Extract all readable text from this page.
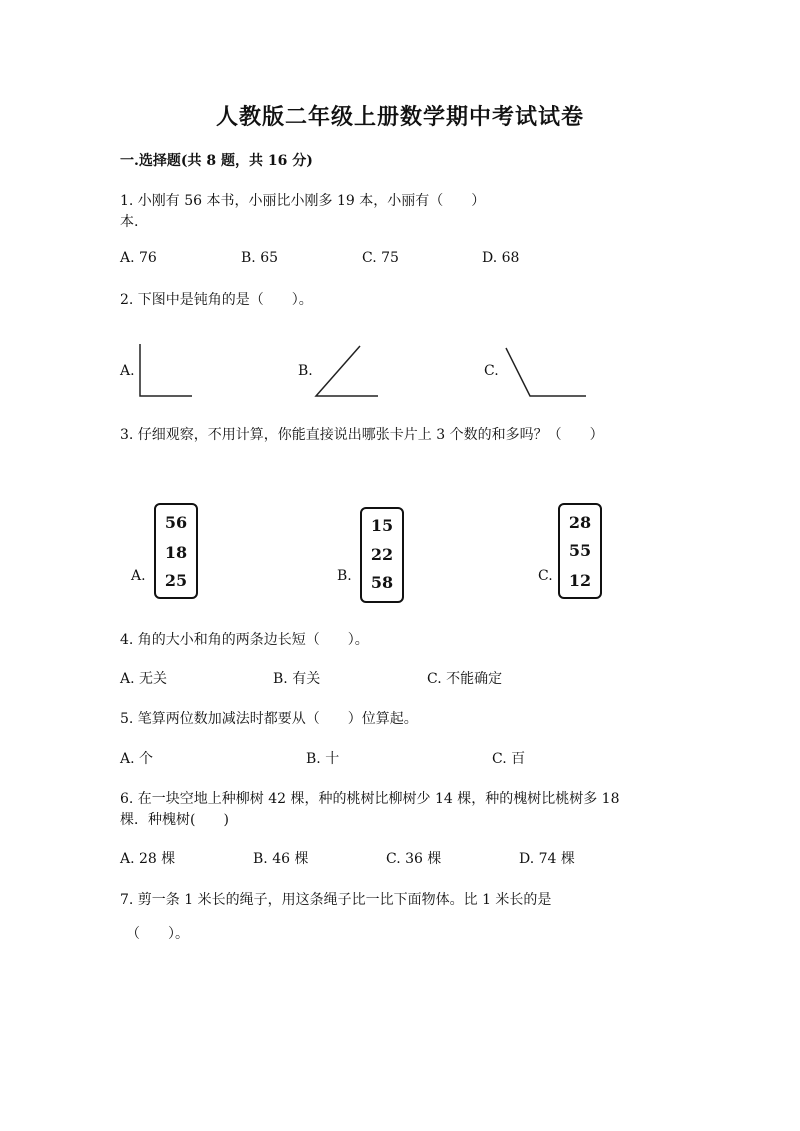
人教版二年级上册数学期中考试试卷
一.选择题(共 8 题，共 16 分)
1. 小刚有 56 本书，小丽比小刚多 19 本，小丽有（　　）
本.
A. 76	B. 65	C. 75	D. 68
2. 下图中是钝角的是（　　）。
A.	B.	C.
3. 仔细观察，不用计算，你能直接说出哪张卡片上 3 个数的和多吗？（　　）
A.
56
18
25	B.
15
22
58	C.
28
55
12
4. 角的大小和角的两条边长短（　　）。
A. 无关	B. 有关	C. 不能确定
5. 笔算两位数加减法时都要从（　　）位算起。
A. 个	B. 十	C. 百
6. 在一块空地上种柳树 42 棵，种的桃树比柳树少 14 棵，种的槐树比桃树多 18
棵．种槐树(　　)
A. 28 棵	B. 46 棵	C. 36 棵	D. 74 棵
7. 剪一条 1 米长的绳子，用这条绳子比一比下面物体。比 1 米长的是
（　　）。
